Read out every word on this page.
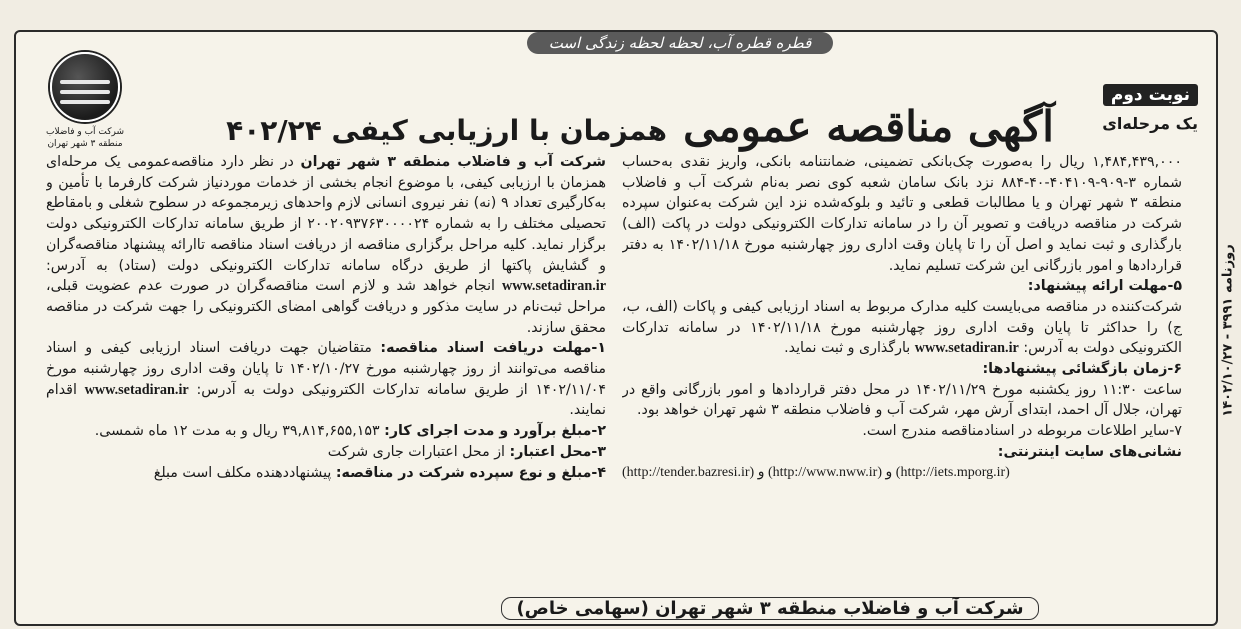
قطره قطره آب، لحظه لحظه زندگی است
شرکت آب و فاضلاب
منطقه ۳ شهر تهران
نوبت دوم
یک مرحله‌ای
آگهی مناقصه عمومی
همزمان با ارزیابی کیفی ۴۰۲/۲۴

شرکت آب و فاضلاب منطقه ۳ شهر تهران در نظر دارد مناقصه‌عمومی یک مرحله‌ای همزمان با ارزیابی کیفی، با موضوع انجام بخشی از خدمات موردنیاز شرکت کارفرما با تأمین و به‌کارگیری تعداد ۹ (نه) نفر نیروی انسانی لازم واحدهای زیرمجموعه در سطوح شغلی و بامقاطع تحصیلی مختلف را به شماره ۲۰۰۲۰۹۳۷۶۳۰۰۰۰۲۴ از طریق سامانه تدارکات الکترونیکی دولت برگزار نماید. کلیه مراحل برگزاری مناقصه از دریافت اسناد مناقصه تاارائه پیشنهاد مناقصه‌گران و گشایش پاکتها از طریق درگاه سامانه تدارکات الکترونیکی دولت (ستاد) به آدرس: www.setadiran.ir انجام خواهد شد و لازم است مناقصه‌گران در صورت عدم عضویت قبلی، مراحل ثبت‌نام در سایت مذکور و دریافت گواهی امضای الکترونیکی را جهت شرکت در مناقصه محقق سازند.

۱-مهلت دریافت اسناد مناقصه: متقاضیان جهت دریافت اسناد ارزیابی کیفی و اسناد مناقصه می‌توانند از روز چهارشنبه مورخ ۱۴۰۲/۱۰/۲۷ تا پایان وقت اداری روز چهارشنبه مورخ ۱۴۰۲/۱۱/۰۴ از طریق سامانه تدارکات الکترونیکی دولت به آدرس: www.setadiran.ir اقدام نمایند.

۲-مبلغ برآورد و مدت اجرای کار: ۳۹,۸۱۴,۶۵۵,۱۵۳ ریال و به مدت ۱۲ ماه شمسی.

۳-محل اعتبار: از محل اعتبارات جاری شرکت

۴-مبلغ و نوع سپرده شرکت در مناقصه: پیشنهاددهنده مکلف است مبلغ

۱,۴۸۴,۴۳۹,۰۰۰ ریال را به‌صورت چک‌بانکی تضمینی، ضمانتنامه بانکی، واریز نقدی به‌حساب شماره ۳-۹۰۹-۴۰۴۱۰۹-۴۰-۸۸۴ نزد بانک سامان شعبه کوی نصر به‌نام شرکت آب و فاضلاب منطقه ۳ شهر تهران و یا مطالبات قطعی و تائید و بلوکه‌شده نزد این شرکت به‌عنوان سپرده شرکت در مناقصه دریافت و تصویر آن را در سامانه تدارکات الکترونیکی دولت در پاکت (الف) بارگذاری و ثبت نماید و اصل آن را تا پایان وقت اداری روز چهارشنبه مورخ ۱۴۰۲/۱۱/۱۸ به دفتر قراردادها و امور بازرگانی این شرکت تسلیم نماید.

۵-مهلت ارائه پیشنهاد:

شرکت‌کننده در مناقصه می‌بایست کلیه مدارک مربوط به اسناد ارزیابی کیفی و پاکات (الف، ب، ج) را حداکثر تا پایان وقت اداری روز چهارشنبه مورخ ۱۴۰۲/۱۱/۱۸ در سامانه تدارکات الکترونیکی دولت به آدرس: www.setadiran.ir بارگذاری و ثبت نماید.

۶-زمان بازگشائی پیشنهادها:

ساعت ۱۱:۳۰ روز یکشنبه مورخ ۱۴۰۲/۱۱/۲۹ در محل دفتر قراردادها و امور بازرگانی واقع در تهران، جلال آل احمد، ابتدای آرش مهر، شرکت آب و فاضلاب منطقه ۳ شهر تهران خواهد بود.

۷-سایر اطلاعات مربوطه در اسنادمناقصه مندرج است.

نشانی‌های سایت اینترنتی:

(http://tender.bazresi.ir) و (http://www.nww.ir) و (http://iets.mporg.ir)

شرکت آب و فاضلاب منطقه ۳ شهر تهران (سهامی خاص)
روزنامه ۳۹۹۱ - ۱۴۰۲/۱۰/۲۷
